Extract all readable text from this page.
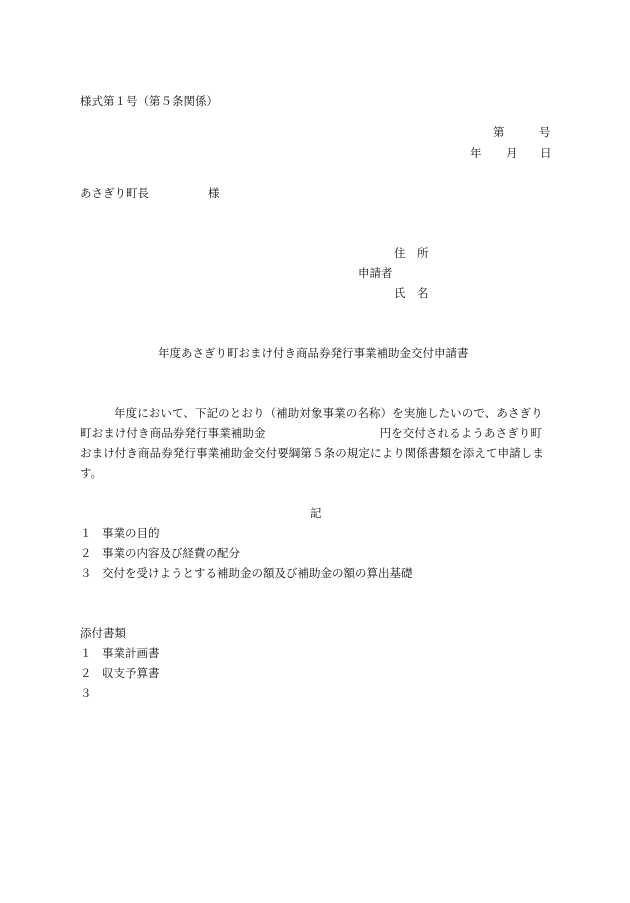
様式第１号（第５条関係）
第	号
年 月 日
あさぎり町長	様
住　所
申請者
氏　名
年度あさぎり町おまけ付き商品券発行事業補助金交付申請書
年度において、下記のとおり（補助対象事業の名称）を実施したいので、あさぎり町おまけ付き商品券発行事業補助金	円を交付されるようあさぎり町おまけ付き商品券発行事業補助金交付要綱第５条の規定により関係書類を添えて申請します。
記
１ 事業の目的
２ 事業の内容及び経費の配分
３ 交付を受けようとする補助金の額及び補助金の額の算出基礎
添付書類
１ 事業計画書
２ 収支予算書
３
